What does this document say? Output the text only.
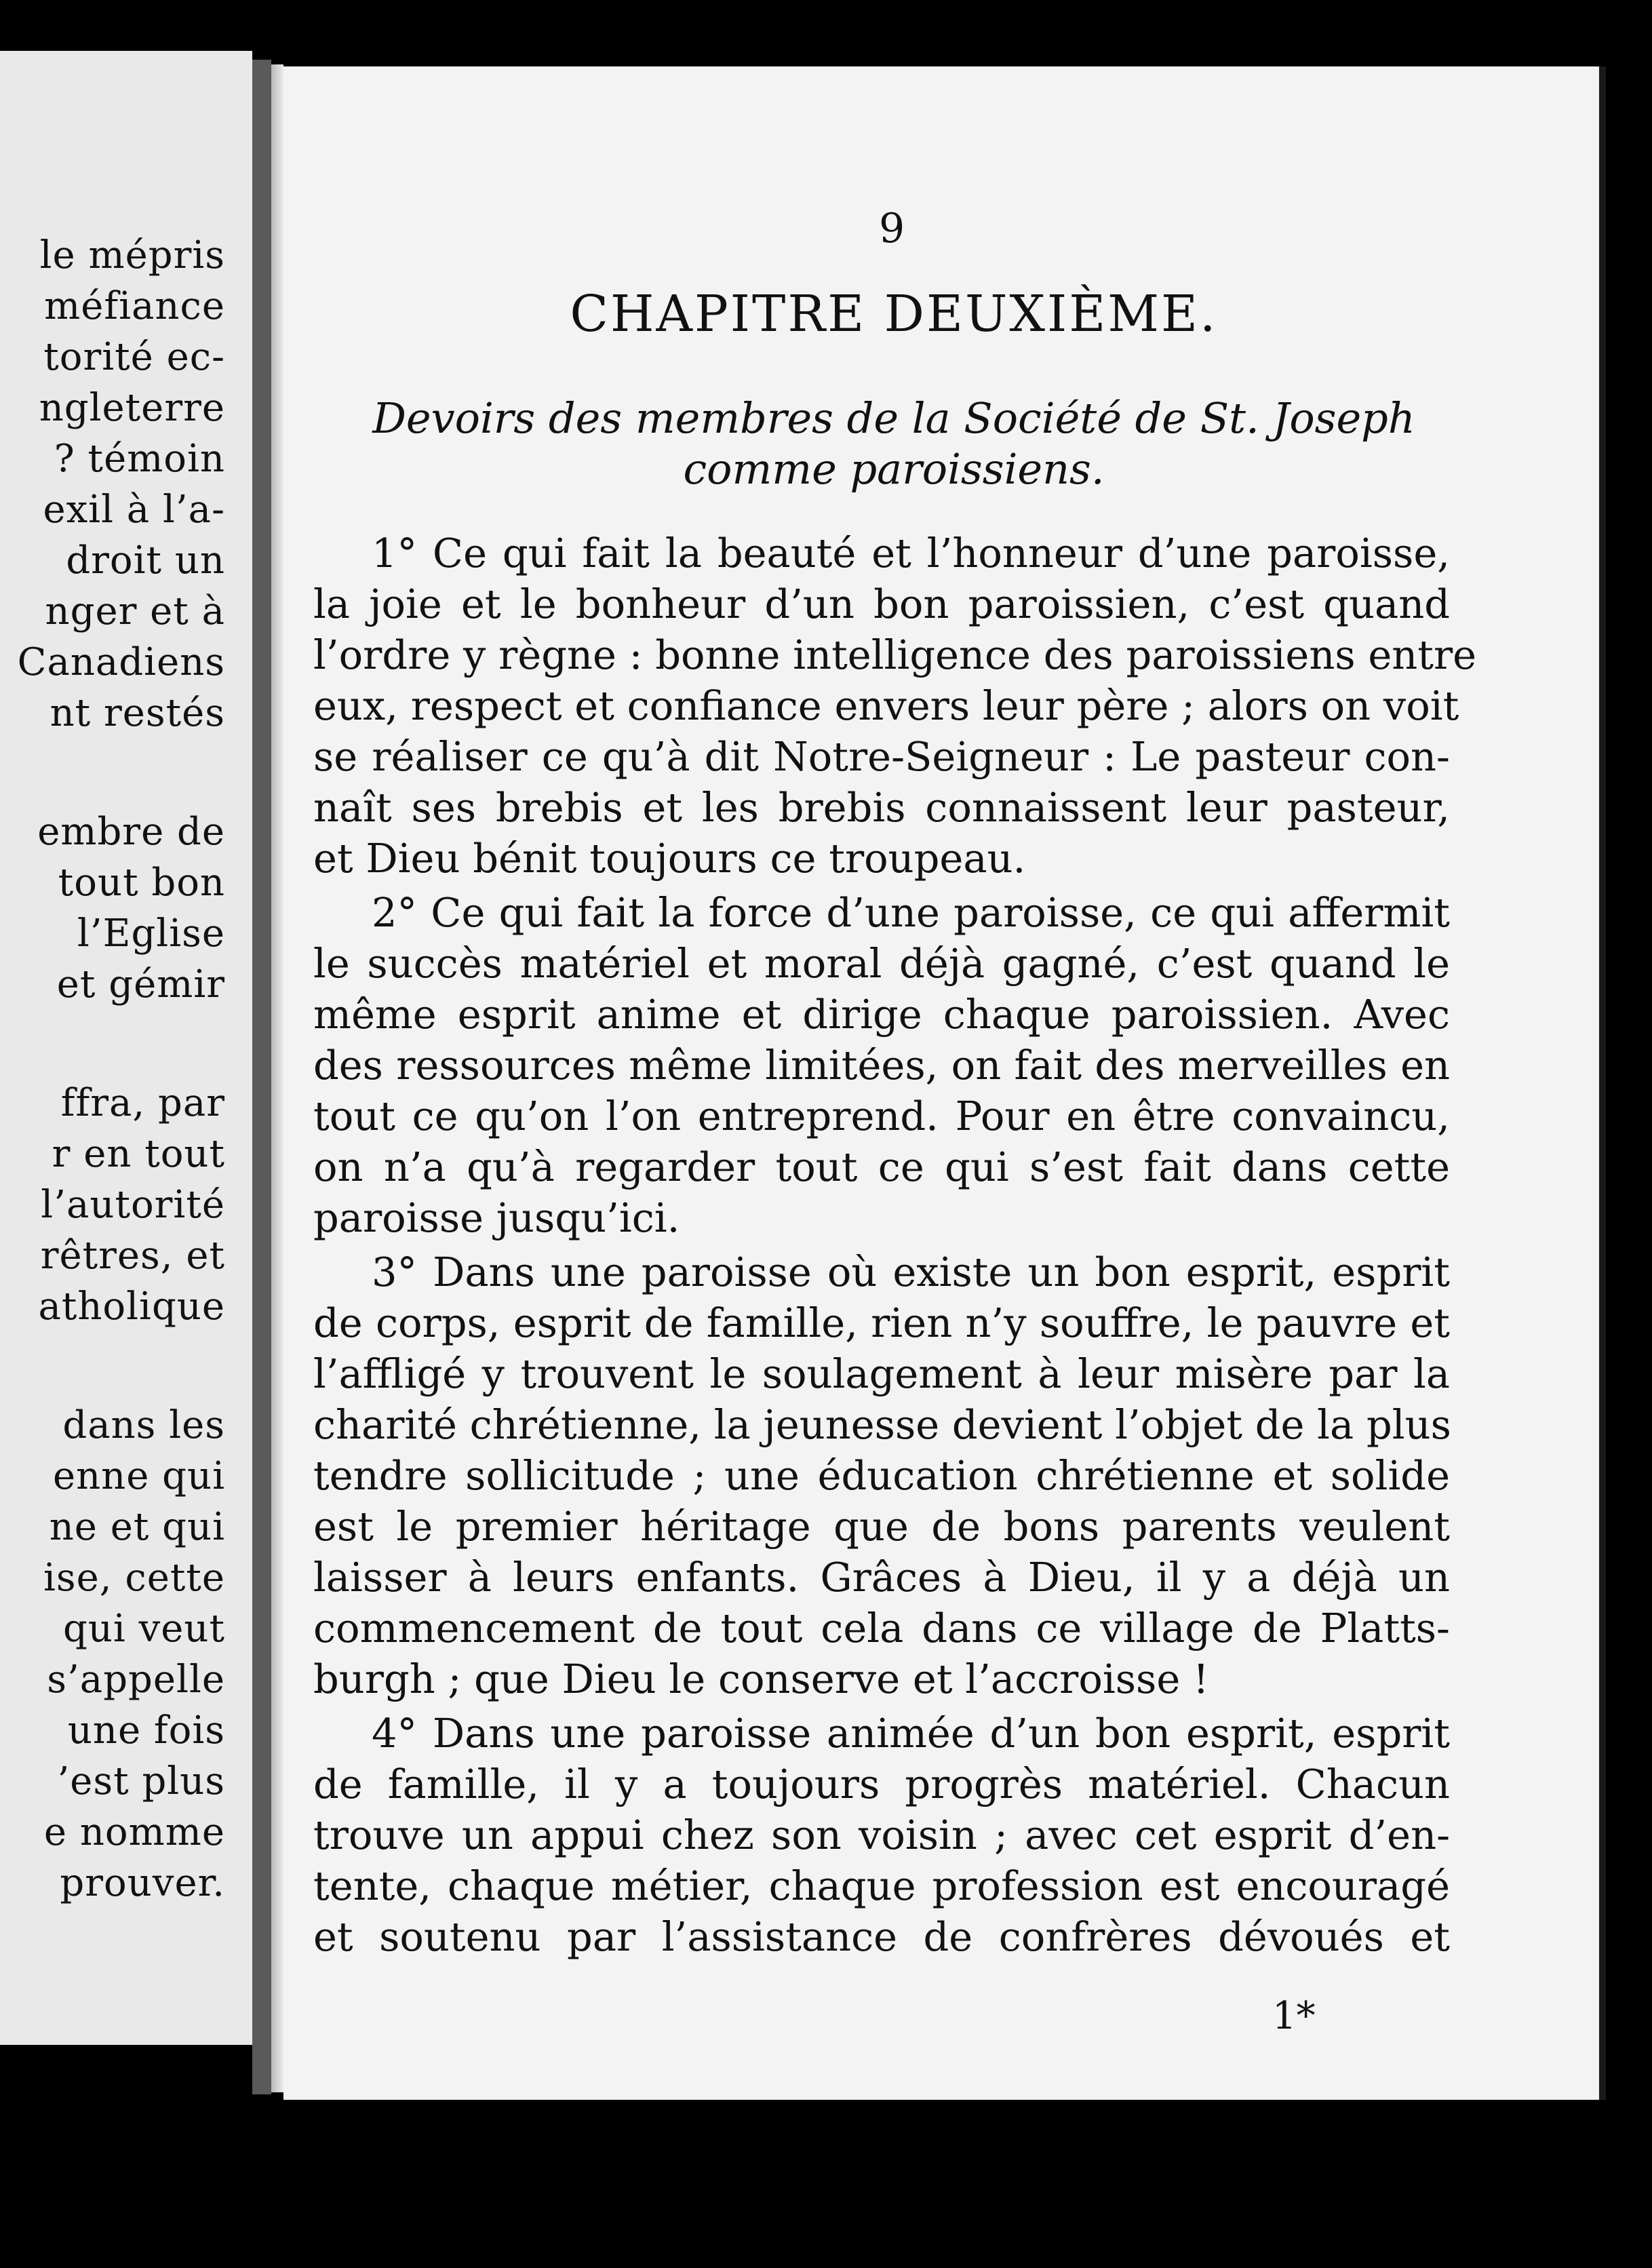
le mépris
méfiance
torité ec-
ngleterre
? témoin
exil à l’a-
droit un
nger et à
Canadiens
nt restés
embre de
tout bon
l’Eglise
et gémir
ffra, par
r en tout
l’autorité
rêtres, et
atholique
dans les
enne qui
ne et qui
ise, cette
qui veut
s’appelle
une fois
’est plus
e nomme
prouver.
9
CHAPITRE DEUXIÈME.
Devoirs des membres de la Société de St. Joseph
comme paroissiens.
1° Ce qui fait la beauté et l’honneur d’une paroisse,
la joie et le bonheur d’un bon paroissien, c’est quand
l’ordre y règne : bonne intelligence des paroissiens entre
eux, respect et confiance envers leur père ; alors on voit
se réaliser ce qu’à dit Notre-Seigneur : Le pasteur con-
naît ses brebis et les brebis connaissent leur pasteur,
et Dieu bénit toujours ce troupeau.
2° Ce qui fait la force d’une paroisse, ce qui affermit
le succès matériel et moral déjà gagné, c’est quand le
même esprit anime et dirige chaque paroissien. Avec
des ressources même limitées, on fait des merveilles en
tout ce qu’on l’on entreprend. Pour en être convaincu,
on n’a qu’à regarder tout ce qui s’est fait dans cette
paroisse jusqu’ici.
3° Dans une paroisse où existe un bon esprit, esprit
de corps, esprit de famille, rien n’y souffre, le pauvre et
l’affligé y trouvent le soulagement à leur misère par la
charité chrétienne, la jeunesse devient l’objet de la plus
tendre sollicitude ; une éducation chrétienne et solide
est le premier héritage que de bons parents veulent
laisser à leurs enfants. Grâces à Dieu, il y a déjà un
commencement de tout cela dans ce village de Platts-
burgh ; que Dieu le conserve et l’accroisse !
4° Dans une paroisse animée d’un bon esprit, esprit
de famille, il y a toujours progrès matériel. Chacun
trouve un appui chez son voisin ; avec cet esprit d’en-
tente, chaque métier, chaque profession est encouragé
et soutenu par l’assistance de confrères dévoués et
1*
